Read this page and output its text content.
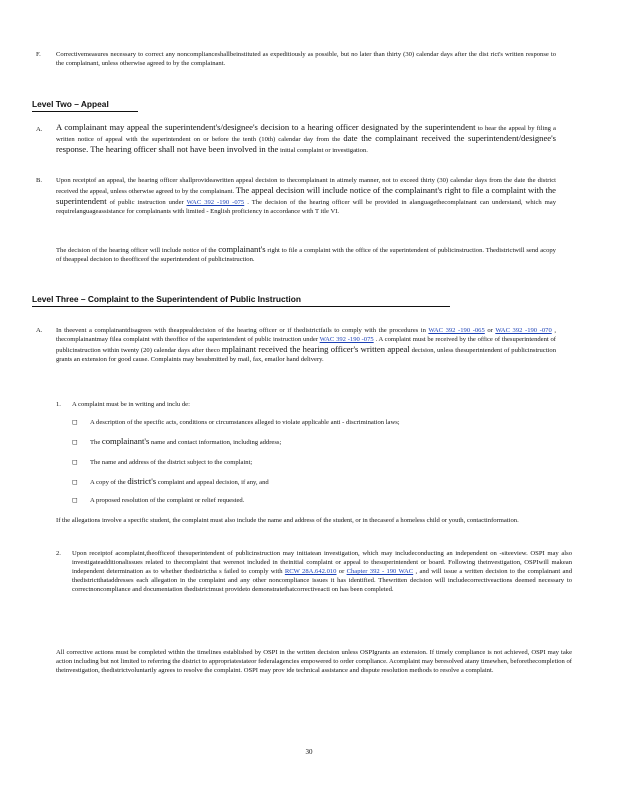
F. Correctivemeasures necessary to correct any noncomplianceshallbeinstituted as expeditiously as possible, but no later than thirty (30) calendar days after the dist rict's written response to the complainant, unless otherwise agreed to by the complainant.
Level Two – Appeal
A. A complainant may appeal the superintendent's/designee's decision to a hearing officer designated by the superintendent to hear the appeal by filing a written notice of appeal with the superintendent on or before the tenth (10th) calendar day from the date the complainant received the superintendent/designee's response. The hearing officer shall not have been involved in the initial complaint or investigation.
B. Upon receiptof an appeal, the hearing officer shallprovideawritten appeal decision to thecomplainant in atimely manner, not to exceed thirty (30) calendar days from the date the district received the appeal, unless otherwise agreed to by the complainant. The appeal decision will include notice of the complainant's right to file a complaint with the superintendent of public instruction under WAC 392 -190 -075 . The decision of the hearing officer will be provided in alanguagethecomplainant can understand, which may requirelanguageassistance for complainants with limited - English proficiency in accordance with T itle VI.
The decision of the hearing officer will include notice of the complainant's right to file a complaint with the office of the superintendent of publicinstruction. Thedistrictwill send acopy of theappeal decision to theofficeof the superintendent of publicinstruction.
Level Three – Complaint to the Superintendent of Public Instruction
A. In theevent a complainantdisagrees with theappealdecision of the hearing officer or if thedistrictfails to comply with the procedures in WAC 392 -190 -065 or WAC 392 -190 -070 , thecomplainantmay filea complaint with theoffice of the superintendent of public instruction under WAC 392 -190 -075 . A complaint must be received by the office of thesuperintendent of publicinstruction within twenty (20) calendar days after theco mplainant received the hearing officer's written appeal decision, unless thesuperintendent of publicinstruction grants an extension for good cause. Complaints may besubmitted by mail, fax, emailor hand delivery.
1. A complaint must be in writing and inclu de:
◻ A description of the specific acts, conditions or circumstances alleged to violate applicable anti - discrimination laws;
◻ The complainant's name and contact information, including address;
◻ The name and address of the district subject to the complaint;
◻ A copy of the district's complaint and appeal decision, if any, and
◻ A proposed resolution of the complaint or relief requested.
If the allegations involve a specific student, the complaint must also include the name and address of the student, or in thecaseof a homeless child or youth, contactinformation.
2. Upon receiptof acomplaint,theofficeof thesuperintendent of publicinstruction may initiatean investigation, which may includeconducting an independent on -siteeview. OSPI may also investigateadditionalissues related to thecomplaint that werenot included in theinitial complaint or appeal to thesuperintendent or board. Following theinvestigation, OSPIwill makean independent determination as to whether thedistrictha s failed to comply with RCW 28A.642.010 or Chapter 392 - 190 WAC , and will issue a written decision to the complainant and thedistrictthataddresses each allegation in the complaint and any other noncompliance issues it has identified. Thewritten decision will includecorrectiveactions deemed necessary to correctnoncompliance and documentation thedistrictmust provideto demonstratethatcorrectiveacti on has been completed.
All corrective actions must be completed within the timelines established by OSPI in the written decision unless OSPIgrants an extension. If timely compliance is not achieved, OSPI may take action including but not limited to referring the district to appropriatestateor federalagencies empowered to order compliance. Acomplaint may beresolved atany timewhen, beforethecompletion of theinvestigation, thedistrictvoluntarily agrees to resolve the complaint. OSPI may prov ide technical assistance and dispute resolution methods to resolve a complaint.
30
